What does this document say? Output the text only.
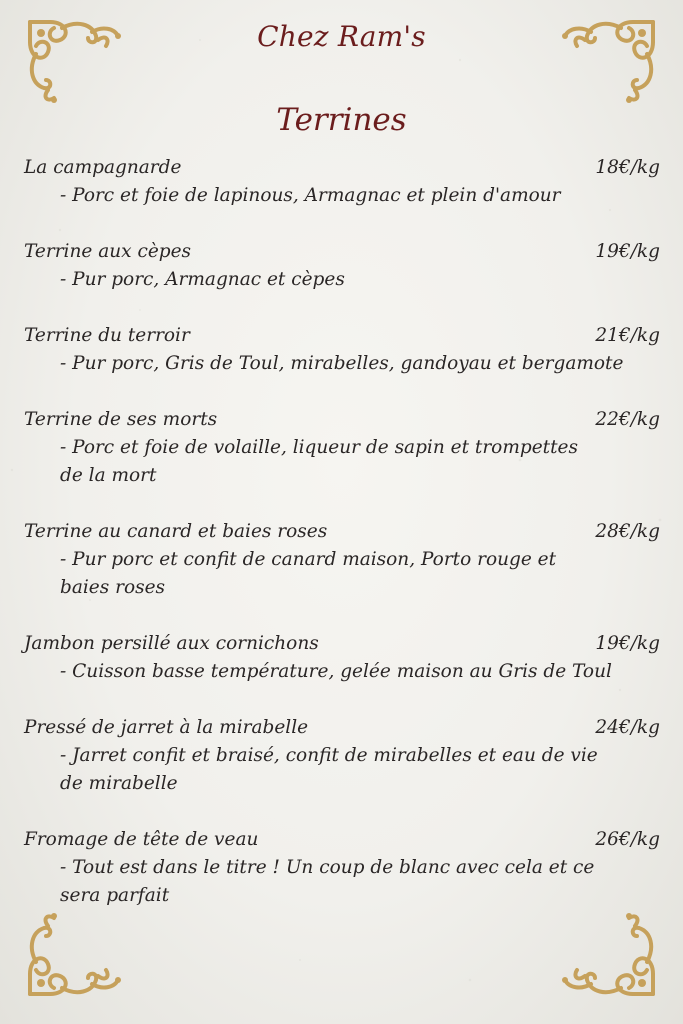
Chez Ram's
Terrines
La campagnarde	18€/kg
- Porc et foie de lapinous, Armagnac et plein d'amour
Terrine aux cèpes	19€/kg
- Pur porc, Armagnac et cèpes
Terrine du terroir	21€/kg
- Pur porc, Gris de Toul, mirabelles, gandoyau et bergamote
Terrine de ses morts	22€/kg
- Porc et foie de volaille, liqueur de sapin et trompettes de la mort
Terrine au canard et baies roses	28€/kg
- Pur porc et confit de canard maison, Porto rouge et baies roses
Jambon persillé aux cornichons	19€/kg
- Cuisson basse température, gelée maison au Gris de Toul
Pressé de jarret à la mirabelle	24€/kg
- Jarret confit et braisé, confit de mirabelles et eau de vie de mirabelle
Fromage de tête de veau	26€/kg
- Tout est dans le titre ! Un coup de blanc avec cela et ce sera parfait
